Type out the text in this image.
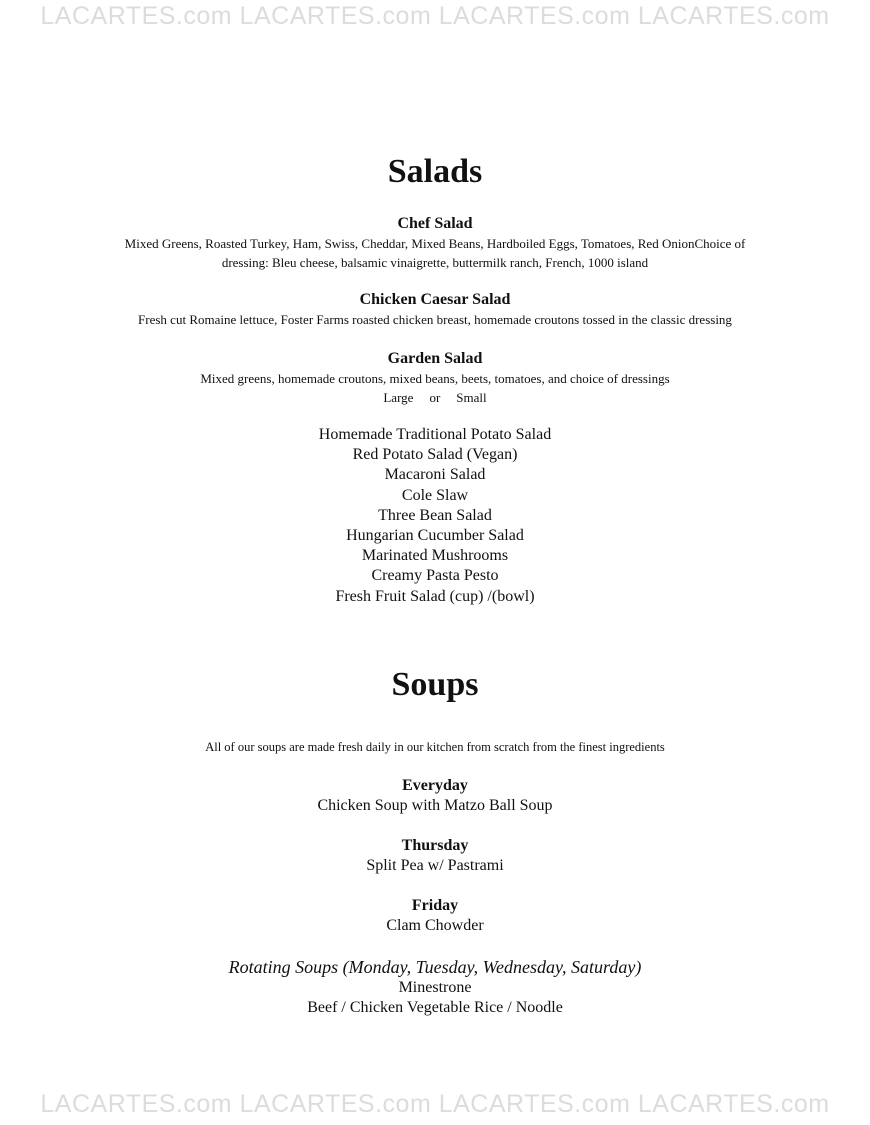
LACARTES.com LACARTES.com LACARTES.com LACARTES.com
Salads
Chef Salad
Mixed Greens, Roasted Turkey, Ham, Swiss, Cheddar, Mixed Beans, Hardboiled Eggs, Tomatoes, Red OnionChoice of
dressing: Bleu cheese, balsamic vinaigrette, buttermilk ranch, French, 1000 island
Chicken Caesar Salad
Fresh cut Romaine lettuce, Foster Farms roasted chicken breast, homemade croutons tossed in the classic dressing
Garden Salad
Mixed greens, homemade croutons, mixed beans, beets, tomatoes, and choice of dressings
Large or Small
Homemade Traditional Potato Salad
Red Potato Salad (Vegan)
Macaroni Salad
Cole Slaw
Three Bean Salad
Hungarian Cucumber Salad
Marinated Mushrooms
Creamy Pasta Pesto
Fresh Fruit Salad (cup) /(bowl)
Soups
All of our soups are made fresh daily in our kitchen from scratch from the finest ingredients
Everyday
Chicken Soup with Matzo Ball Soup
Thursday
Split Pea w/ Pastrami
Friday
Clam Chowder
Rotating Soups (Monday, Tuesday, Wednesday, Saturday)
Minestrone
Beef / Chicken Vegetable Rice / Noodle
LACARTES.com LACARTES.com LACARTES.com LACARTES.com
